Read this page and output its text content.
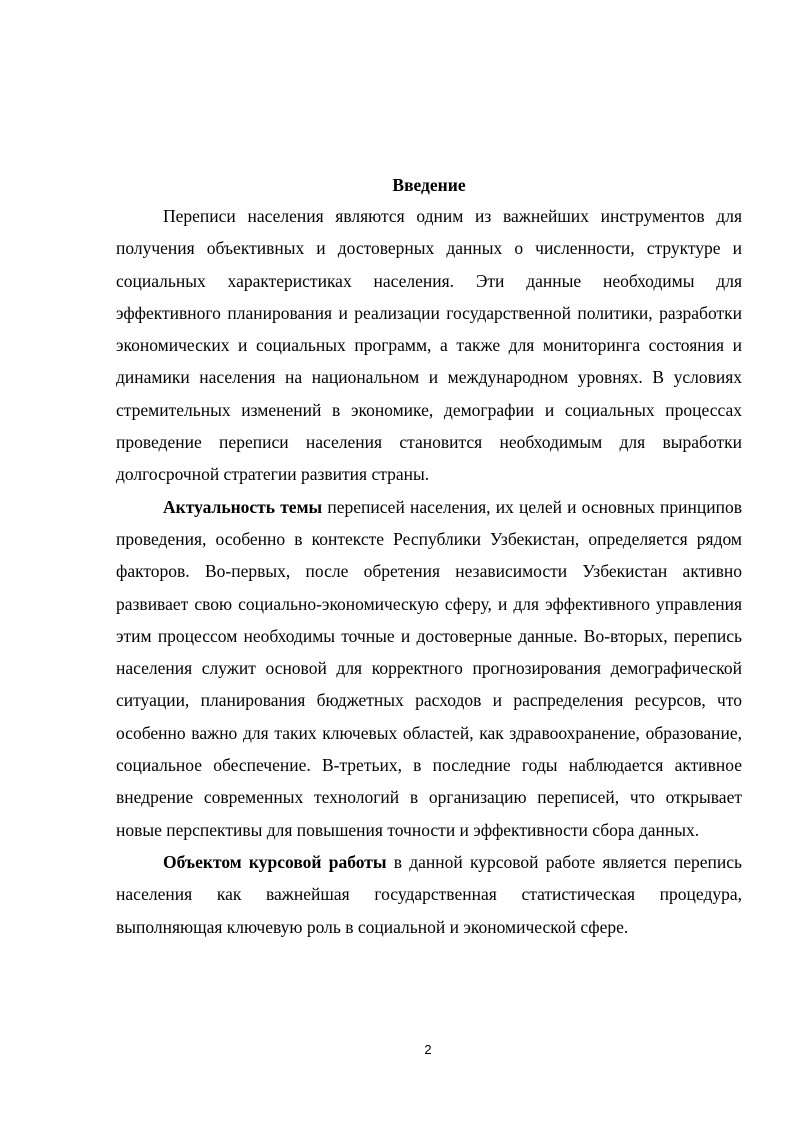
Введение

Переписи населения являются одним из важнейших инструментов для получения объективных и достоверных данных о численности, структуре и социальных характеристиках населения. Эти данные необходимы для эффективного планирования и реализации государственной политики, разработки экономических и социальных программ, а также для мониторинга состояния и динамики населения на национальном и международном уровнях. В условиях стремительных изменений в экономике, демографии и социальных процессах проведение переписи населения становится необходимым для выработки долгосрочной стратегии развития страны.

Актуальность темы переписей населения, их целей и основных принципов проведения, особенно в контексте Республики Узбекистан, определяется рядом факторов. Во-первых, после обретения независимости Узбекистан активно развивает свою социально-экономическую сферу, и для эффективного управления этим процессом необходимы точные и достоверные данные. Во-вторых, перепись населения служит основой для корректного прогнозирования демографической ситуации, планирования бюджетных расходов и распределения ресурсов, что особенно важно для таких ключевых областей, как здравоохранение, образование, социальное обеспечение. В-третьих, в последние годы наблюдается активное внедрение современных технологий в организацию переписей, что открывает новые перспективы для повышения точности и эффективности сбора данных.

Объектом курсовой работы в данной курсовой работе является перепись населения как важнейшая государственная статистическая процедура, выполняющая ключевую роль в социальной и экономической сфере.

2
